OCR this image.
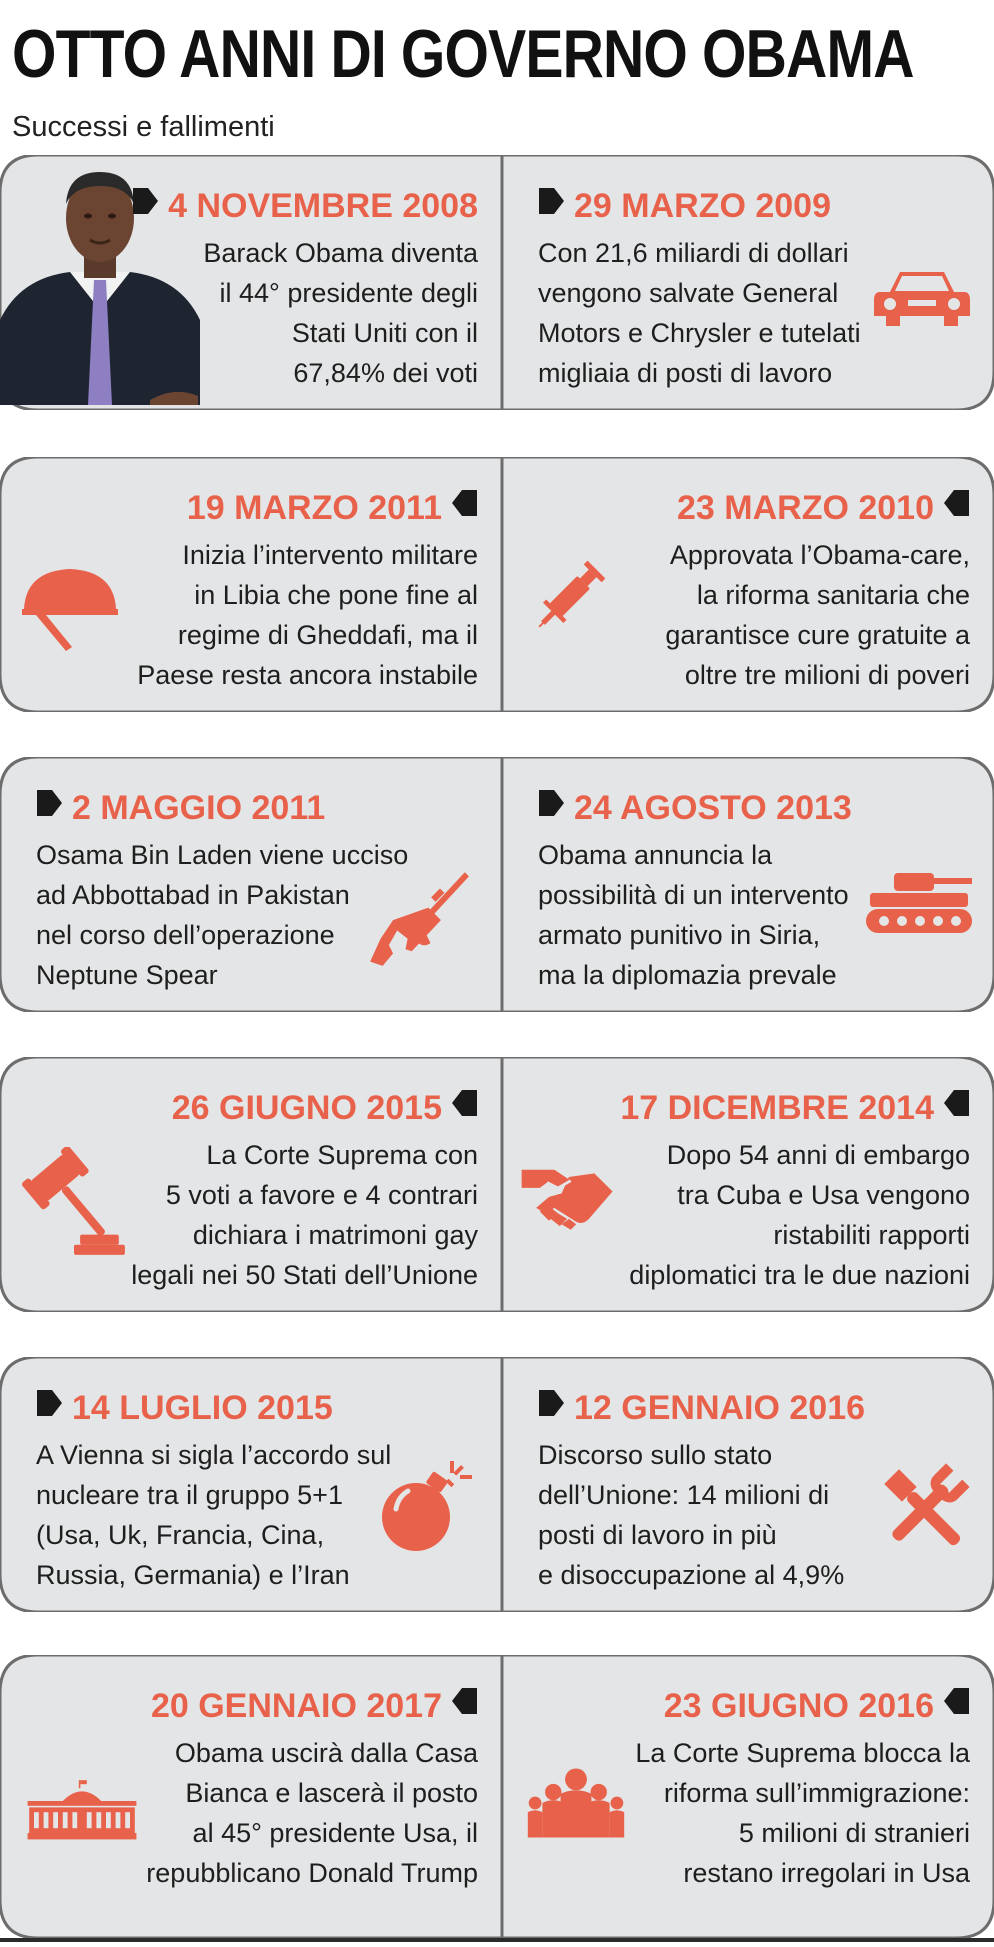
OTTO ANNI DI GOVERNO OBAMA
Successi e fallimenti
4 NOVEMBRE 2008
Barack Obama diventa
il 44° presidente degli
Stati Uniti con il
67,84% dei voti
29 MARZO 2009
Con 21,6 miliardi di dollari
vengono salvate General
Motors e Chrysler e tutelati
migliaia di posti di lavoro
19 MARZO 2011
Inizia l’intervento militare
in Libia che pone fine al
regime di Gheddafi, ma il
Paese resta ancora instabile
23 MARZO 2010
Approvata l’Obama-care,
la riforma sanitaria che
garantisce cure gratuite a
oltre tre milioni di poveri
2 MAGGIO 2011
Osama Bin Laden viene ucciso
ad Abbottabad in Pakistan
nel corso dell’operazione
Neptune Spear
24 AGOSTO 2013
Obama annuncia la
possibilità di un intervento
armato punitivo in Siria,
ma la diplomazia prevale
26 GIUGNO 2015
La Corte Suprema con
5 voti a favore e 4 contrari
dichiara i matrimoni gay
legali nei 50 Stati dell’Unione
17 DICEMBRE 2014
Dopo 54 anni di embargo
tra Cuba e Usa vengono
ristabiliti rapporti
diplomatici tra le due nazioni
14 LUGLIO 2015
A Vienna si sigla l’accordo sul
nucleare tra il gruppo 5+1
(Usa, Uk, Francia, Cina,
Russia, Germania) e l’Iran
12 GENNAIO 2016
Discorso sullo stato
dell’Unione: 14 milioni di
posti di lavoro in più
e disoccupazione al 4,9%
20 GENNAIO 2017
Obama uscirà dalla Casa
Bianca e lascerà il posto
al 45° presidente Usa, il
repubblicano Donald Trump
23 GIUGNO 2016
La Corte Suprema blocca la
riforma sull’immigrazione:
5 milioni di stranieri
restano irregolari in Usa
